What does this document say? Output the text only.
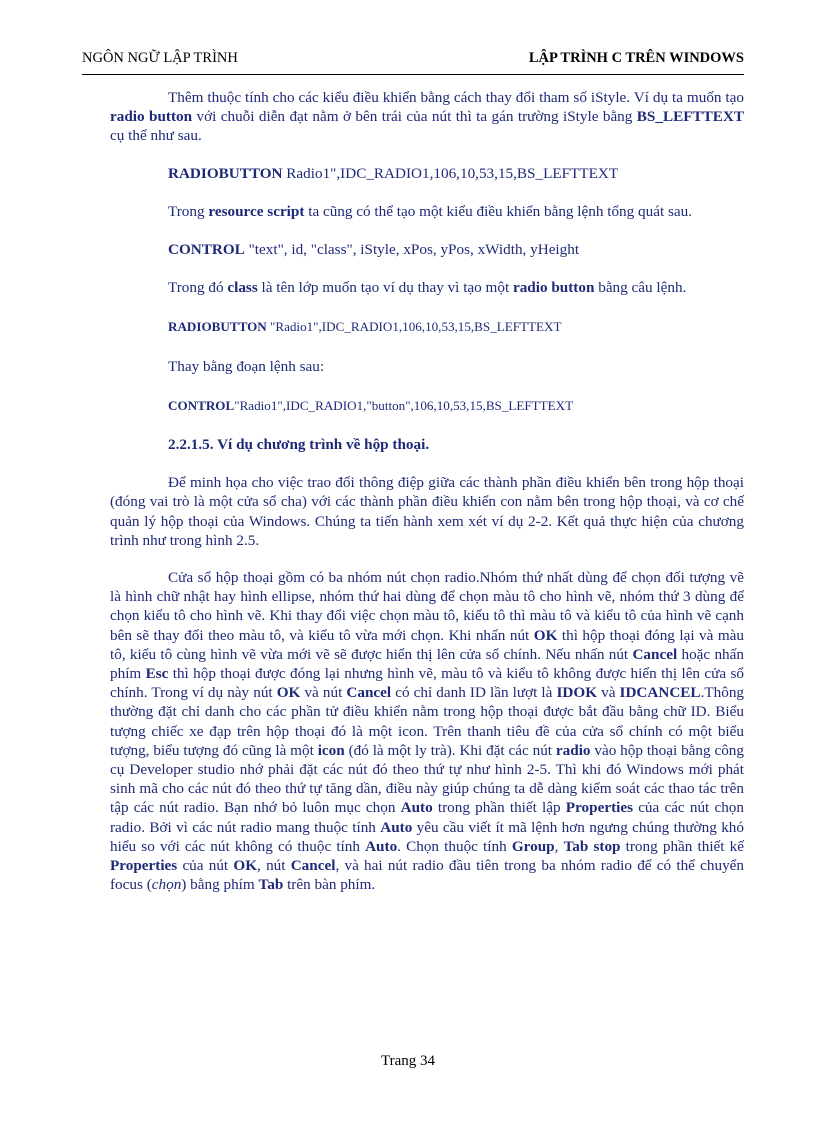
NGÔN NGỮ LẬP TRÌNH	LẬP TRÌNH C TRÊN WINDOWS

Thêm thuộc tính cho các kiểu điều khiển bằng cách thay đổi tham số iStyle. Ví dụ ta muốn tạo radio button với chuỗi diễn đạt nằm ở bên trái của nút thì ta gán trường iStyle bằng BS_LEFTTEXT cụ thể như sau.

RADIOBUTTON Radio1",IDC_RADIO1,106,10,53,15,BS_LEFTTEXT

Trong resource script ta cũng có thể tạo một kiểu điều khiển bằng lệnh tổng quát sau.

CONTROL "text", id, "class", iStyle, xPos, yPos, xWidth, yHeight

Trong đó class là tên lớp muốn tạo ví dụ thay vì tạo một radio button bằng câu lệnh.

RADIOBUTTON "Radio1",IDC_RADIO1,106,10,53,15,BS_LEFTTEXT

Thay bằng đoạn lệnh sau:

CONTROL"Radio1",IDC_RADIO1,"button",106,10,53,15,BS_LEFTTEXT

2.2.1.5. Ví dụ chương trình về hộp thoại.

Để minh họa cho việc trao đổi thông điệp giữa các thành phần điều khiển bên trong hộp thoại (đóng vai trò là một cửa sổ cha) với các thành phần điều khiển con nằm bên trong hộp thoại, và cơ chế quản lý hộp thoại của Windows. Chúng ta tiến hành xem xét ví dụ 2-2. Kết quả thực hiện của chương trình như trong hình 2.5.

Cửa sổ hộp thoại gồm có ba nhóm nút chọn radio.Nhóm thứ nhất dùng để chọn đối tượng vẽ là hình chữ nhật hay hình ellipse, nhóm thứ hai dùng để chọn màu tô cho hình vẽ, nhóm thứ 3 dùng để chọn kiểu tô cho hình vẽ. Khi thay đổi việc chọn màu tô, kiểu tô thì màu tô và kiểu tô của hình vẽ cạnh bên sẽ thay đổi theo màu tô, và kiểu tô vừa mới chọn. Khi nhấn nút OK thì hộp thoại đóng lại và màu tô, kiểu tô cùng hình vẽ vừa mới vẽ sẽ được hiển thị lên cửa sổ chính. Nếu nhấn nút Cancel hoặc nhấn phím Esc thì hộp thoại được đóng lại nhưng hình vẽ, màu tô và kiểu tô không được hiển thị lên cửa sổ chính. Trong ví dụ này nút OK và nút Cancel có chỉ danh ID lần lượt là IDOK và IDCANCEL.Thông thường đặt chỉ danh cho các phần tử điều khiển nằm trong hộp thoại được bắt đầu bằng chữ ID. Biểu tượng chiếc xe đạp trên hộp thoại đó là một icon. Trên thanh tiêu đề của cửa sổ chính có một biểu tượng, biểu tượng đó cũng là một icon (đó là một ly trà). Khi đặt các nút radio vào hộp thoại bằng công cụ Developer studio nhớ phải đặt các nút đó theo thứ tự như hình 2-5. Thì khi đó Windows mới phát sinh mã cho các nút đó theo thứ tự tăng dần, điều này giúp chúng ta dễ dàng kiểm soát các thao tác trên tập các nút radio. Bạn nhớ bỏ luôn mục chọn Auto trong phần thiết lập Properties của các nút chọn radio. Bởi vì các nút radio mang thuộc tính Auto yêu cầu viết ít mã lệnh hơn ngưng chúng thường khó hiểu so với các nút không có thuộc tính Auto. Chọn thuộc tính Group, Tab stop trong phần thiết kế Properties của nút OK, nút Cancel, và hai nút radio đầu tiên trong ba nhóm radio để có thể chuyển focus (chọn) bằng phím Tab trên bàn phím.

Trang 34
